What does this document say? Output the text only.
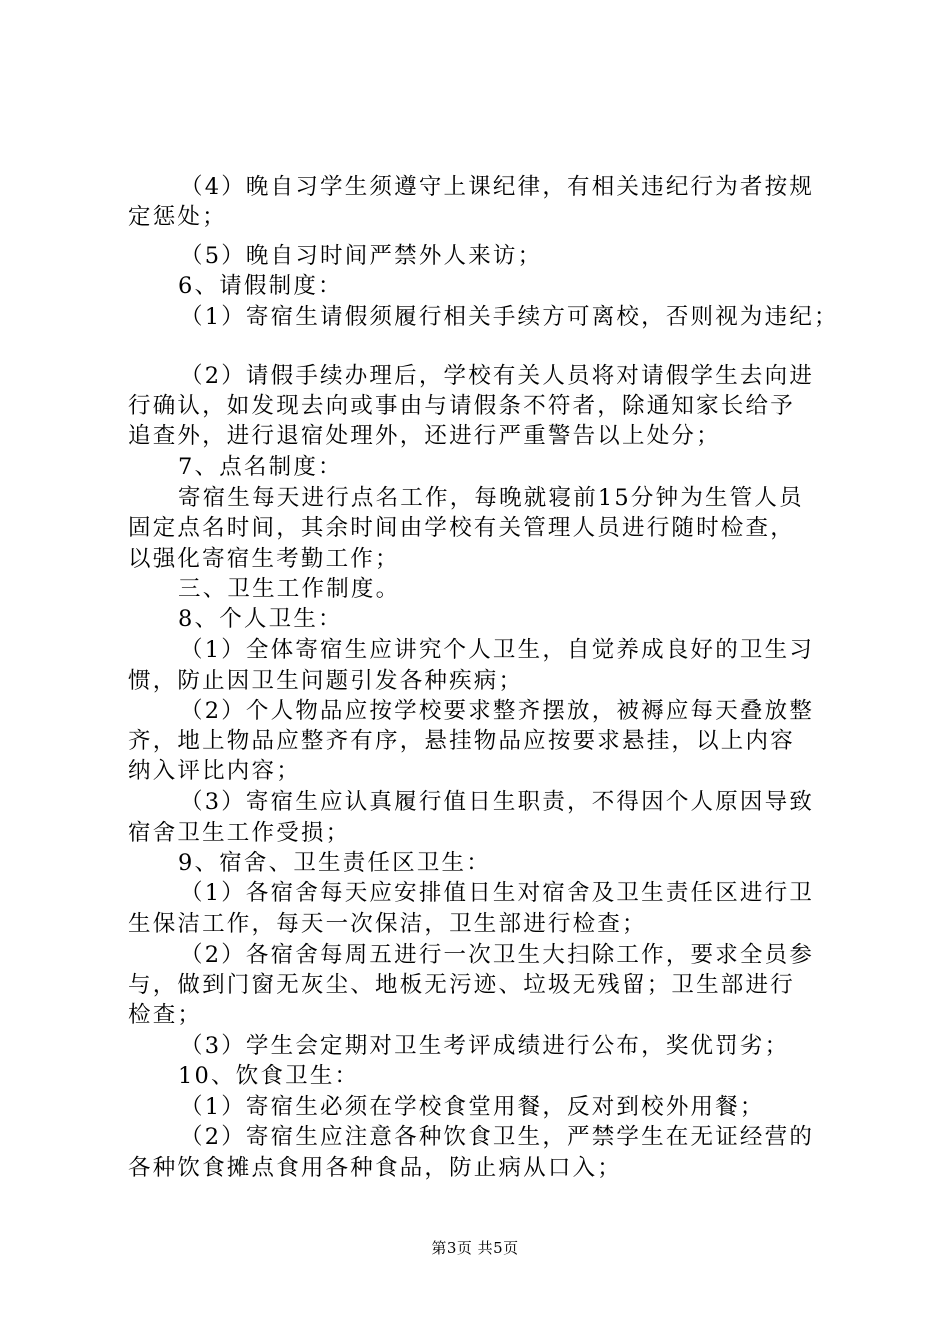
（4）晚自习学生须遵守上课纪律，有相关违纪行为者按规
定惩处；
（5）晚自习时间严禁外人来访；
6、请假制度：
（1）寄宿生请假须履行相关手续方可离校，否则视为违纪；
（2）请假手续办理后，学校有关人员将对请假学生去向进
行确认，如发现去向或事由与请假条不符者，除通知家长给予
追查外，进行退宿处理外，还进行严重警告以上处分；
7、点名制度：
寄宿生每天进行点名工作，每晚就寝前15分钟为生管人员
固定点名时间，其余时间由学校有关管理人员进行随时检查，
以强化寄宿生考勤工作；
三、卫生工作制度。
8、个人卫生：
（1）全体寄宿生应讲究个人卫生，自觉养成良好的卫生习
惯，防止因卫生问题引发各种疾病；
（2）个人物品应按学校要求整齐摆放，被褥应每天叠放整
齐，地上物品应整齐有序，悬挂物品应按要求悬挂，以上内容
纳入评比内容；
（3）寄宿生应认真履行值日生职责，不得因个人原因导致
宿舍卫生工作受损；
9、宿舍、卫生责任区卫生：
（1）各宿舍每天应安排值日生对宿舍及卫生责任区进行卫
生保洁工作，每天一次保洁，卫生部进行检查；
（2）各宿舍每周五进行一次卫生大扫除工作，要求全员参
与，做到门窗无灰尘、地板无污迹、垃圾无残留；卫生部进行
检查；
（3）学生会定期对卫生考评成绩进行公布，奖优罚劣；
10、饮食卫生：
（1）寄宿生必须在学校食堂用餐，反对到校外用餐；
（2）寄宿生应注意各种饮食卫生，严禁学生在无证经营的
各种饮食摊点食用各种食品，防止病从口入；
第3页 共5页
